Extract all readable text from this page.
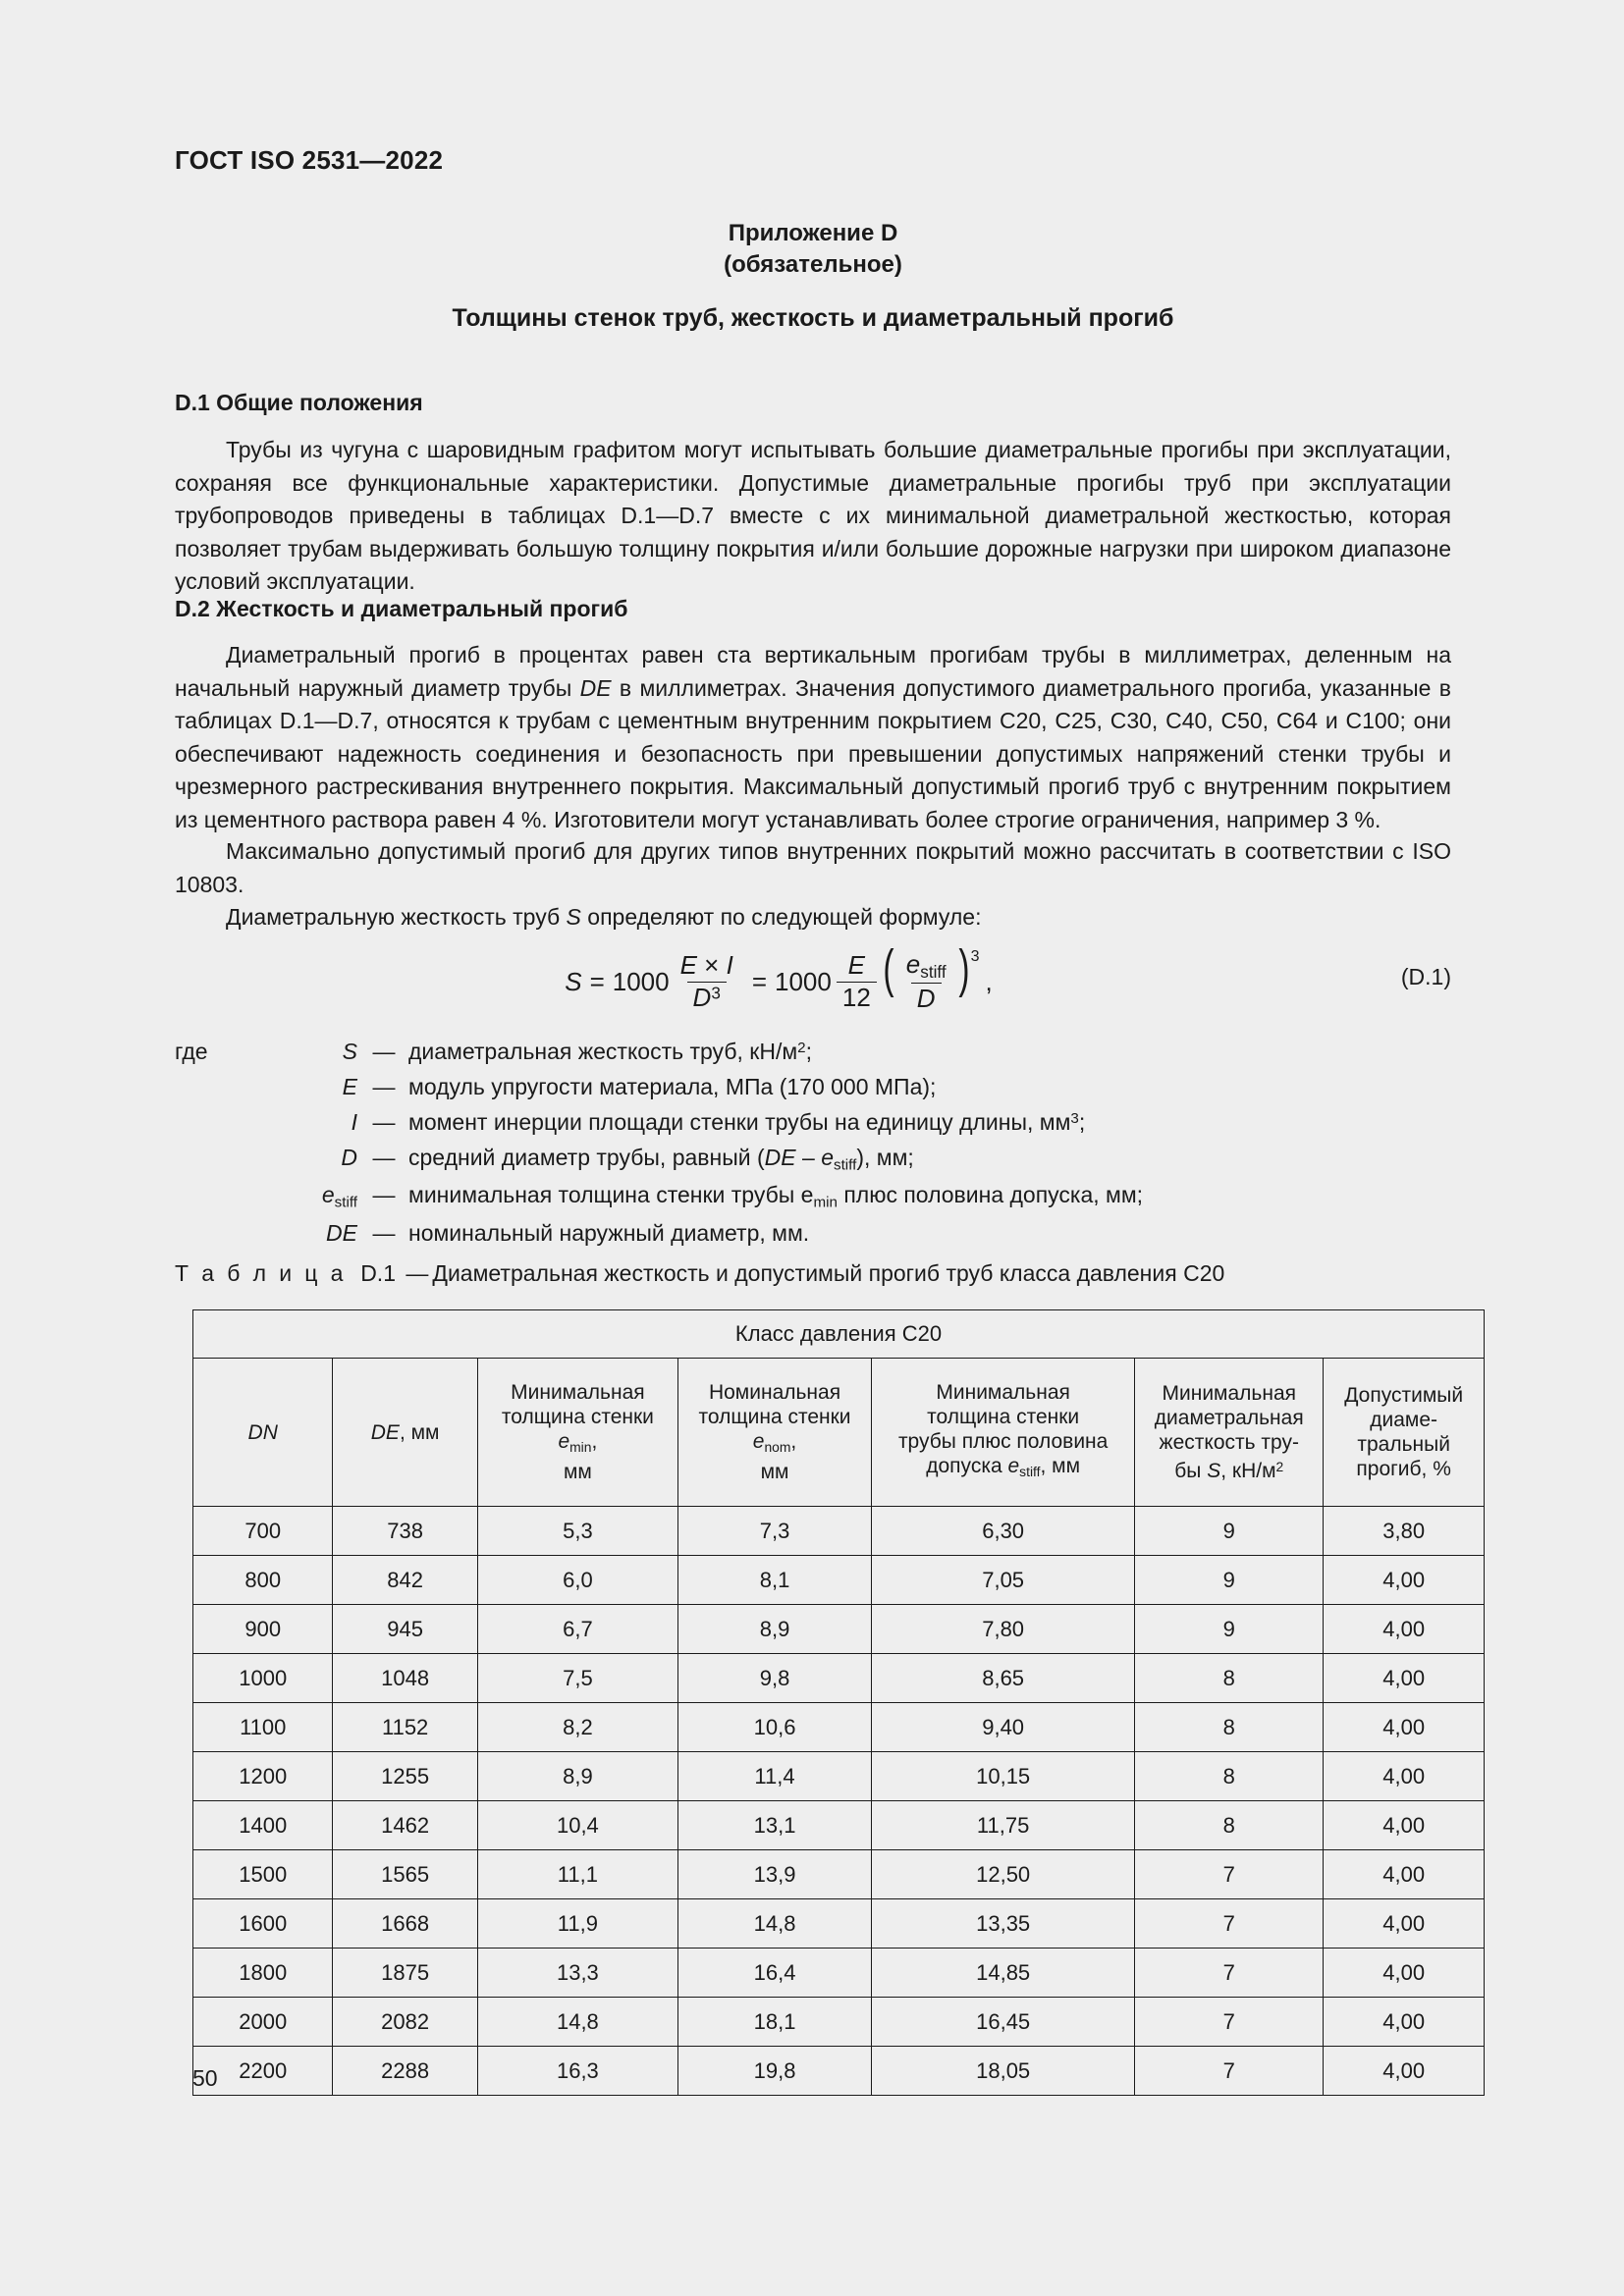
ГОСТ ISO 2531—2022
Приложение D
(обязательное)
Толщины стенок труб, жесткость и диаметральный прогиб
D.1 Общие положения
Трубы из чугуна с шаровидным графитом могут испытывать большие диаметральные прогибы при эксплуатации, сохраняя все функциональные характеристики. Допустимые диаметральные прогибы труб при эксплуатации трубопроводов приведены в таблицах D.1—D.7 вместе с их минимальной диаметральной жесткостью, которая позволяет трубам выдерживать большую толщину покрытия и/или большие дорожные нагрузки при широком диапазоне условий эксплуатации.
D.2 Жесткость и диаметральный прогиб
Диаметральный прогиб в процентах равен ста вертикальным прогибам трубы в миллиметрах, деленным на начальный наружный диаметр трубы DE в миллиметрах. Значения допустимого диаметрального прогиба, указанные в таблицах D.1—D.7, относятся к трубам с цементным внутренним покрытием C20, C25, C30, C40, C50, C64 и C100; они обеспечивают надежность соединения и безопасность при превышении допустимых напряжений стенки трубы и чрезмерного растрескивания внутреннего покрытия. Максимальный допустимый прогиб труб с внутренним покрытием из цементного раствора равен 4 %. Изготовители могут устанавливать более строгие ограничения, например 3 %.
Максимально допустимый прогиб для других типов внутренних покрытий можно рассчитать в соответствии с ISO 10803.
Диаметральную жесткость труб S определяют по следующей формуле:
$S = 1000 \frac{E \times I}{D^3} = 1000 \frac{E}{12}$ ( $\frac{e_{stiff}}{D}$ ) 3
,	(D.1)
где	S	—	диаметральная жесткость труб, $кН/м^2$;
	E	—	модуль упругости материала, МПа (170 000 МПа);
	I	—	момент инерции площади стенки трубы на единицу длины, $мм^3$;
	D	—	средний диаметр трубы, равный $(DE - e_{stiff})$, мм;
	$e_{stiff}$	—	минимальная толщина стенки трубы $e_{min}$ плюс половина допуска, мм;
	DE	—	номинальный наружный диаметр, мм.
Т а б л и ц а D.1 — Диаметральная жесткость и допустимый прогиб труб класса давления C20
Класс давления C20						
DN	DE, мм	Минимальная
толщина стенки
$e_{min}$,
мм	Номинальная
толщина стенки
$e_{nom}$,
мм	Минимальная
толщина стенки
трубы плюс половина
допуска $e_{stiff}$, мм	Минимальная
диаметральная
жесткость тру-
бы S, $кН/м^2$	Допустимый
диаме-
тральный
прогиб, %
700	738	5,3	7,3	6,30	9	3,80
800	842	6,0	8,1	7,05	9	4,00
900	945	6,7	8,9	7,80	9	4,00
1000	1048	7,5	9,8	8,65	8	4,00
1100	1152	8,2	10,6	9,40	8	4,00
1200	1255	8,9	11,4	10,15	8	4,00
1400	1462	10,4	13,1	11,75	8	4,00
1500	1565	11,1	13,9	12,50	7	4,00
1600	1668	11,9	14,8	13,35	7	4,00
1800	1875	13,3	16,4	14,85	7	4,00
2000	2082	14,8	18,1	16,45	7	4,00
2200	2288	16,3	19,8	18,05	7	4,00
50
